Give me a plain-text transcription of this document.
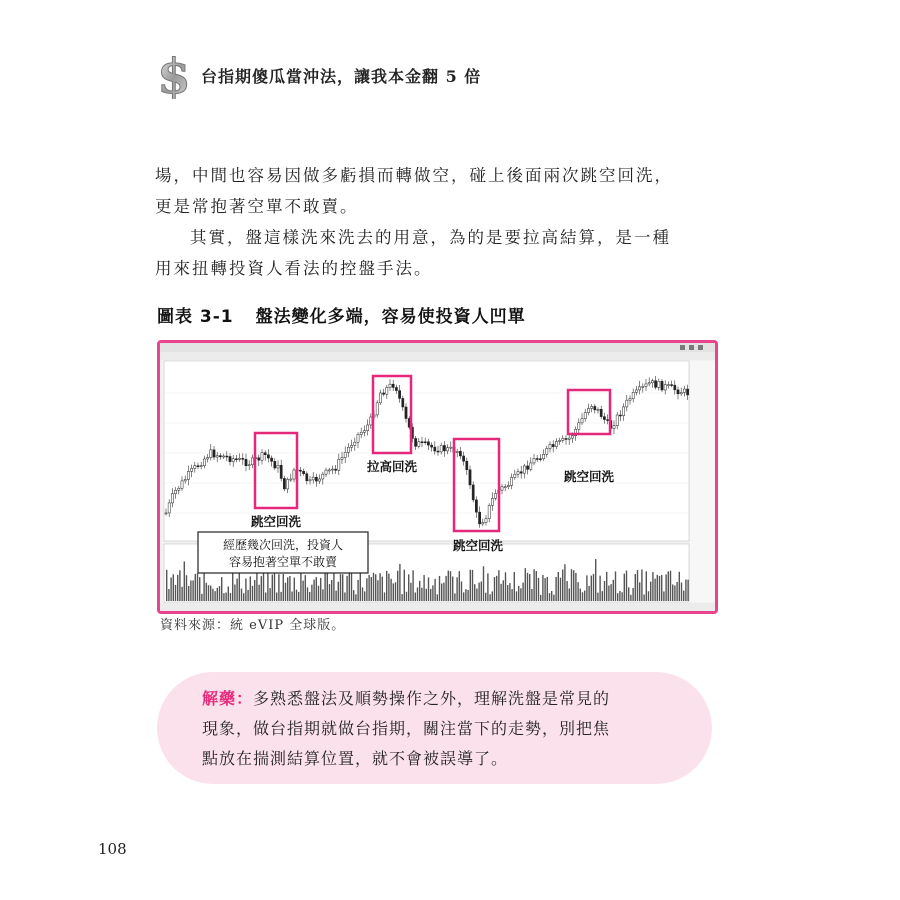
$ 台指期傻瓜當沖法，讓我本金翻 5 倍

場，中間也容易因做多虧損而轉做空，碰上後面兩次跳空回洗，

更是常抱著空單不敢賣。

其實，盤這樣洗來洗去的用意，為的是要拉高結算，是一種

用來扭轉投資人看法的控盤手法。

圖表 3-1 盤法變化多端，容易使投資人凹單
跳空回洗
拉高回洗
跳空回洗
跳空回洗
經歷幾次回洗，投資人
容易抱著空單不敢賣
資料來源：統 eVIP 全球版。
解藥：多熟悉盤法及順勢操作之外，理解洗盤是常見的
現象，做台指期就做台指期，關注當下的走勢，別把焦
點放在揣測結算位置，就不會被誤導了。
108
